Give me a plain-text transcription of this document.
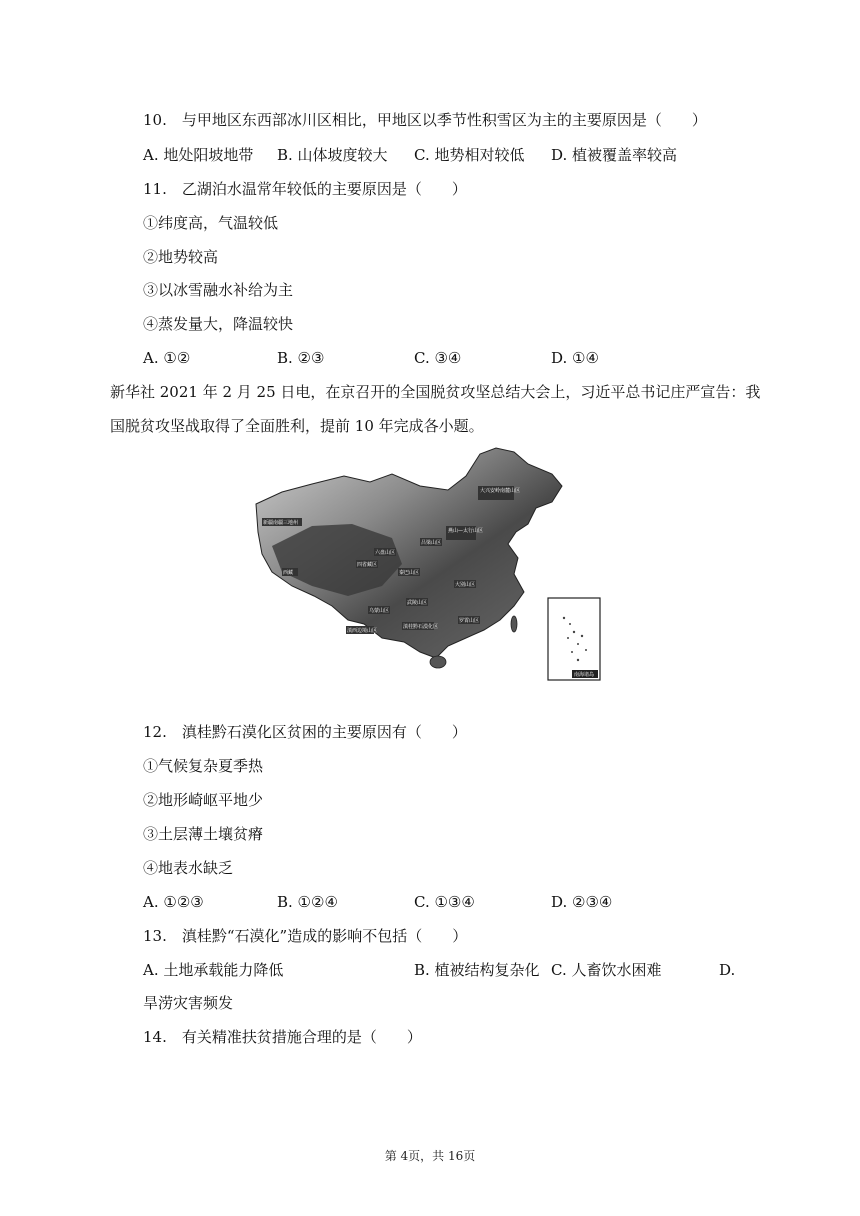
10.　与甲地区东西部冰川区相比，甲地区以季节性积雪区为主的主要原因是（　　）
A. 地处阳坡地带 B. 山体坡度较大 C. 地势相对较低 D. 植被覆盖率较高
11.　乙湖泊水温常年较低的主要原因是（　　）
①纬度高，气温较低
②地势较高
③以冰雪融水补给为主
④蒸发量大，降温较快
A. ①②	B. ②③	C. ③④	D. ①④
新华社 2021 年 2 月 25 日电，在京召开的全国脱贫攻坚总结大会上，习近平总书记庄严宣告：我
国脱贫攻坚战取得了全面胜利，提前 10 年完成各小题。
大兴安岭南麓山区
燕山—太行山区
吕梁山区
六盘山区
秦巴山区
大别山区
武陵山区
罗霄山区
乌蒙山区
滇桂黔石漠化区
滇西边境山区
西藏
四省藏区
新疆南疆三地州
南海诸岛
12.　滇桂黔石漠化区贫困的主要原因有（　　）
①气候复杂夏季热
②地形崎岖平地少
③土层薄土壤贫瘠
④地表水缺乏
A. ①②③	B. ①②④	C. ①③④	D. ②③④
13.　滇桂黔“石漠化”造成的影响不包括（　　）
A. 土地承载能力降低	B. 植被结构复杂化 C. 人畜饮水困难	D.
旱涝灾害频发
14.　有关精准扶贫措施合理的是（　　）
第 4页，共 16页
